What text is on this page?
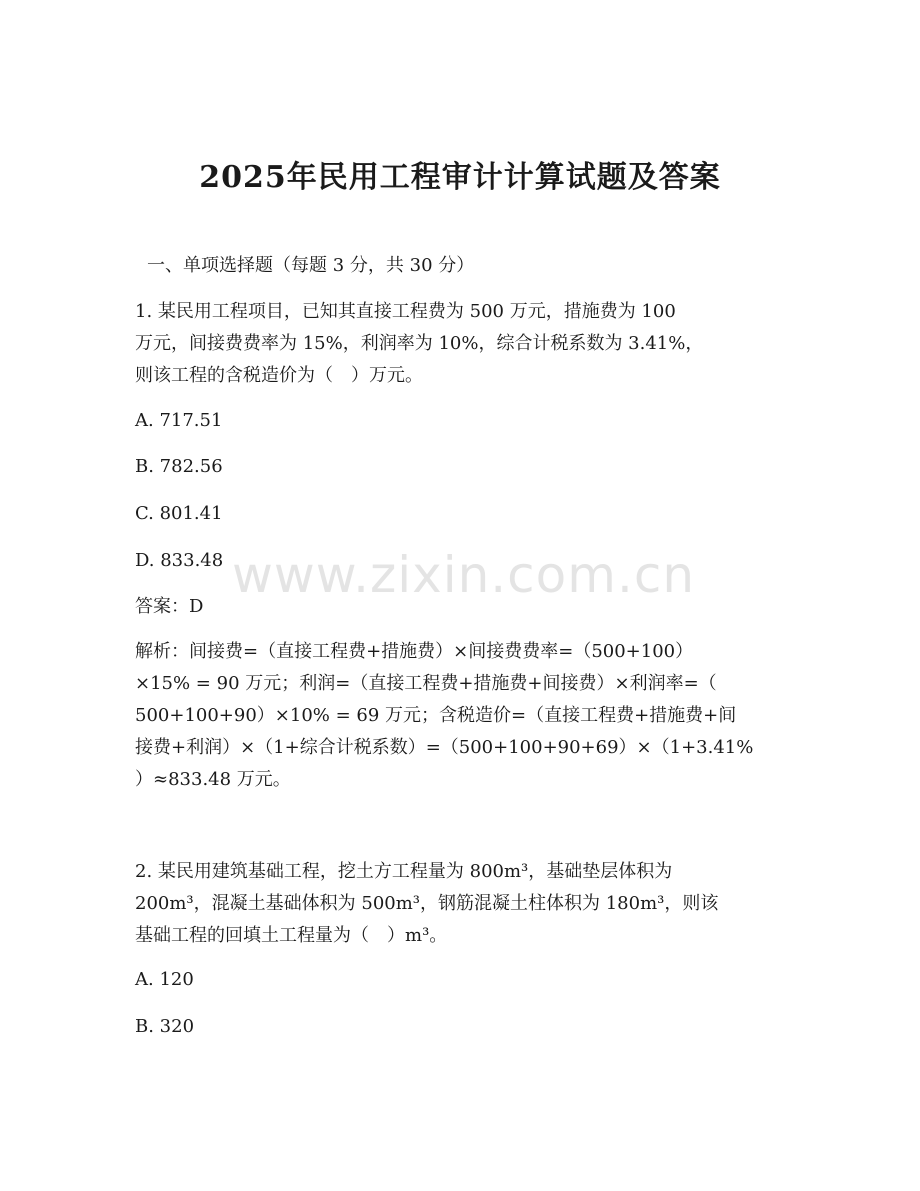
2025年民用工程审计计算试题及答案

一、单项选择题（每题 3 分，共 30 分）

1. 某民用工程项目，已知其直接工程费为 500 万元，措施费为 100

万元，间接费费率为 15%，利润率为 10%，综合计税系数为 3.41%，

则该工程的含税造价为（　）万元。

A. 717.51

B. 782.56

C. 801.41

D. 833.48

答案：D

解析：间接费=（直接工程费+措施费）×间接费费率=（500+100）

×15% = 90 万元；利润=（直接工程费+措施费+间接费）×利润率=（

500+100+90）×10% = 69 万元；含税造价=（直接工程费+措施费+间

接费+利润）×（1+综合计税系数）=（500+100+90+69）×（1+3.41%

）≈833.48 万元。

2. 某民用建筑基础工程，挖土方工程量为 800m³，基础垫层体积为

200m³，混凝土基础体积为 500m³，钢筋混凝土柱体积为 180m³，则该

基础工程的回填土工程量为（　）m³。

A. 120

B. 320

www.zixin.com.cn
